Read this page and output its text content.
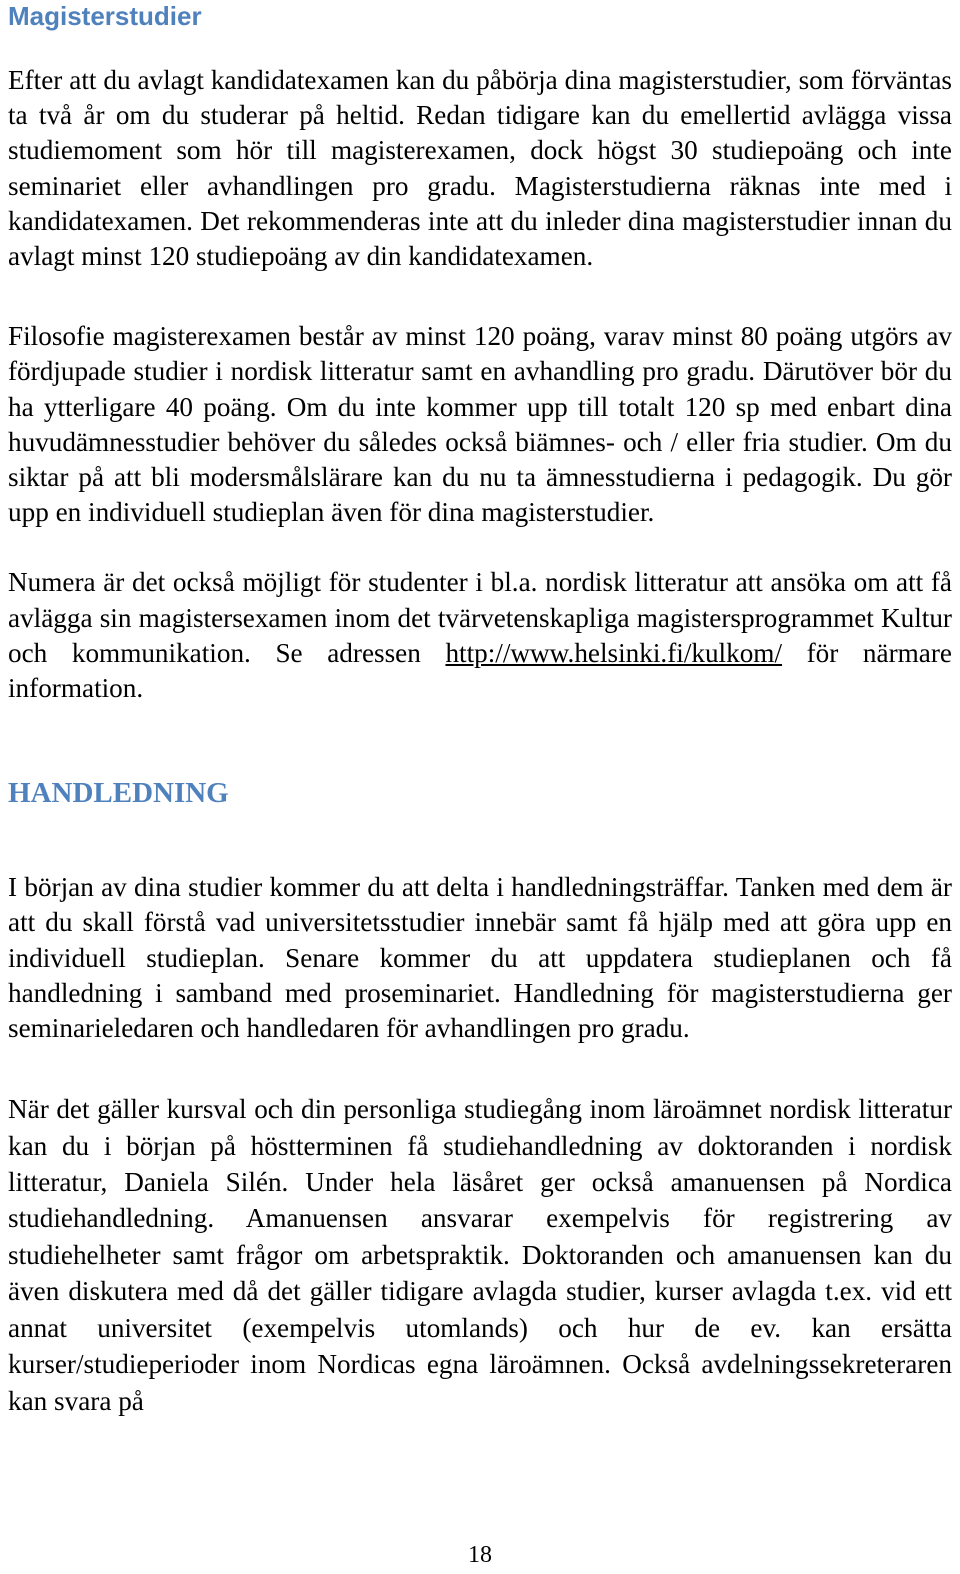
Magisterstudier

Efter att du avlagt kandidatexamen kan du påbörja dina magisterstudier, som förväntas ta två år om du studerar på heltid. Redan tidigare kan du emellertid avlägga vissa studiemoment som hör till magisterexamen, dock högst 30 studiepoäng och inte seminariet eller avhandlingen pro gradu. Magisterstudierna räknas inte med i kandidatexamen. Det rekommenderas inte att du inleder dina magisterstudier innan du avlagt minst 120 studiepoäng av din kandidatexamen.

Filosofie magisterexamen består av minst 120 poäng, varav minst 80 poäng utgörs av fördjupade studier i nordisk litteratur samt en avhandling pro gradu. Därutöver bör du ha ytterligare 40 poäng. Om du inte kommer upp till totalt 120 sp med enbart dina huvudämnesstudier behöver du således också biämnes- och / eller fria studier. Om du siktar på att bli modersmålslärare kan du nu ta ämnesstudierna i pedagogik. Du gör upp en individuell studieplan även för dina magisterstudier.

Numera är det också möjligt för studenter i bl.a. nordisk litteratur att ansöka om att få avlägga sin magistersexamen inom det tvärvetenskapliga magistersprogrammet Kultur och kommunikation. Se adressen http://www.helsinki.fi/kulkom/ för närmare information.

HANDLEDNING

I början av dina studier kommer du att delta i handledningsträffar. Tanken med dem är att du skall förstå vad universitetsstudier innebär samt få hjälp med att göra upp en individuell studieplan. Senare kommer du att uppdatera studieplanen och få handledning i samband med proseminariet. Handledning för magisterstudierna ger seminarieledaren och handledaren för avhandlingen pro gradu.

När det gäller kursval och din personliga studiegång inom läroämnet nordisk litteratur kan du i början på höstterminen få studiehandledning av doktoranden i nordisk litteratur, Daniela Silén. Under hela läsåret ger också amanuensen på Nordica studiehandledning. Amanuensen ansvarar exempelvis för registrering av studiehelheter samt frågor om arbetspraktik. Doktoranden och amanuensen kan du även diskutera med då det gäller tidigare avlagda studier, kurser avlagda t.ex. vid ett annat universitet (exempelvis utomlands) och hur de ev. kan ersätta kurser/studieperioder inom Nordicas egna läroämnen. Också avdelningssekreteraren kan svara på

18
